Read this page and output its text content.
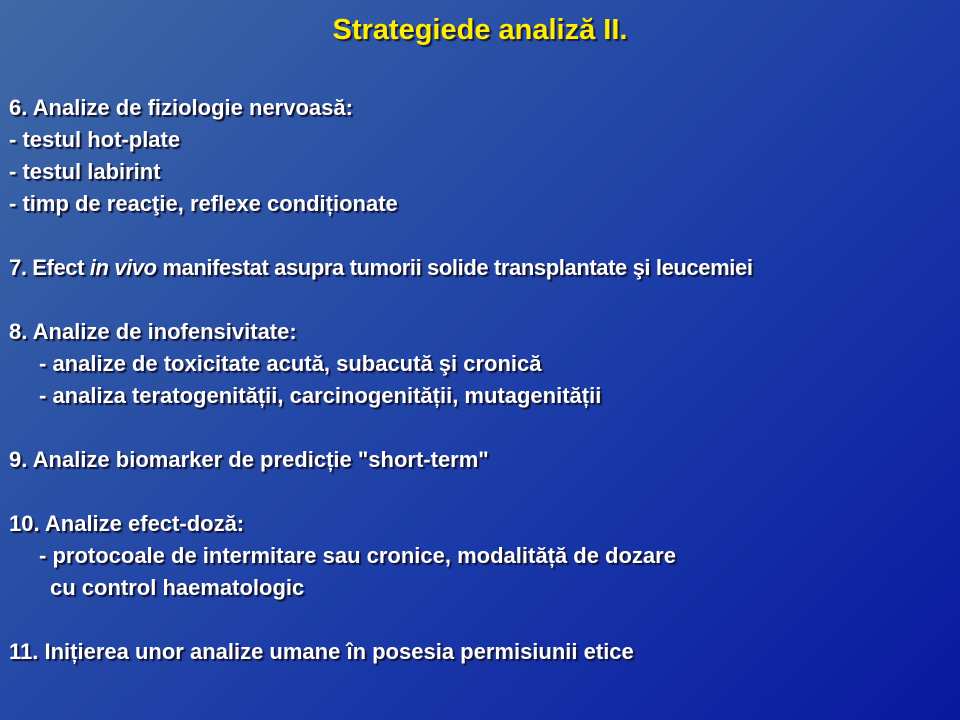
Strategiede analiză II.
6. Analize de fiziologie nervoasă:
- testul hot-plate
- testul labirint
- timp de reacţie, reflexe condiționate
7. Efect in vivo manifestat asupra tumorii solide transplantate şi leucemiei
8. Analize de inofensivitate:
- analize de toxicitate acută, subacută şi cronică
- analiza teratogenității, carcinogenității, mutagenității
9. Analize biomarker de predicție "short-term"
10. Analize efect-doză:
- protocoale de intermitare sau cronice, modalităță de dozare
cu control haematologic
11. Inițierea unor analize umane în posesia permisiunii etice
